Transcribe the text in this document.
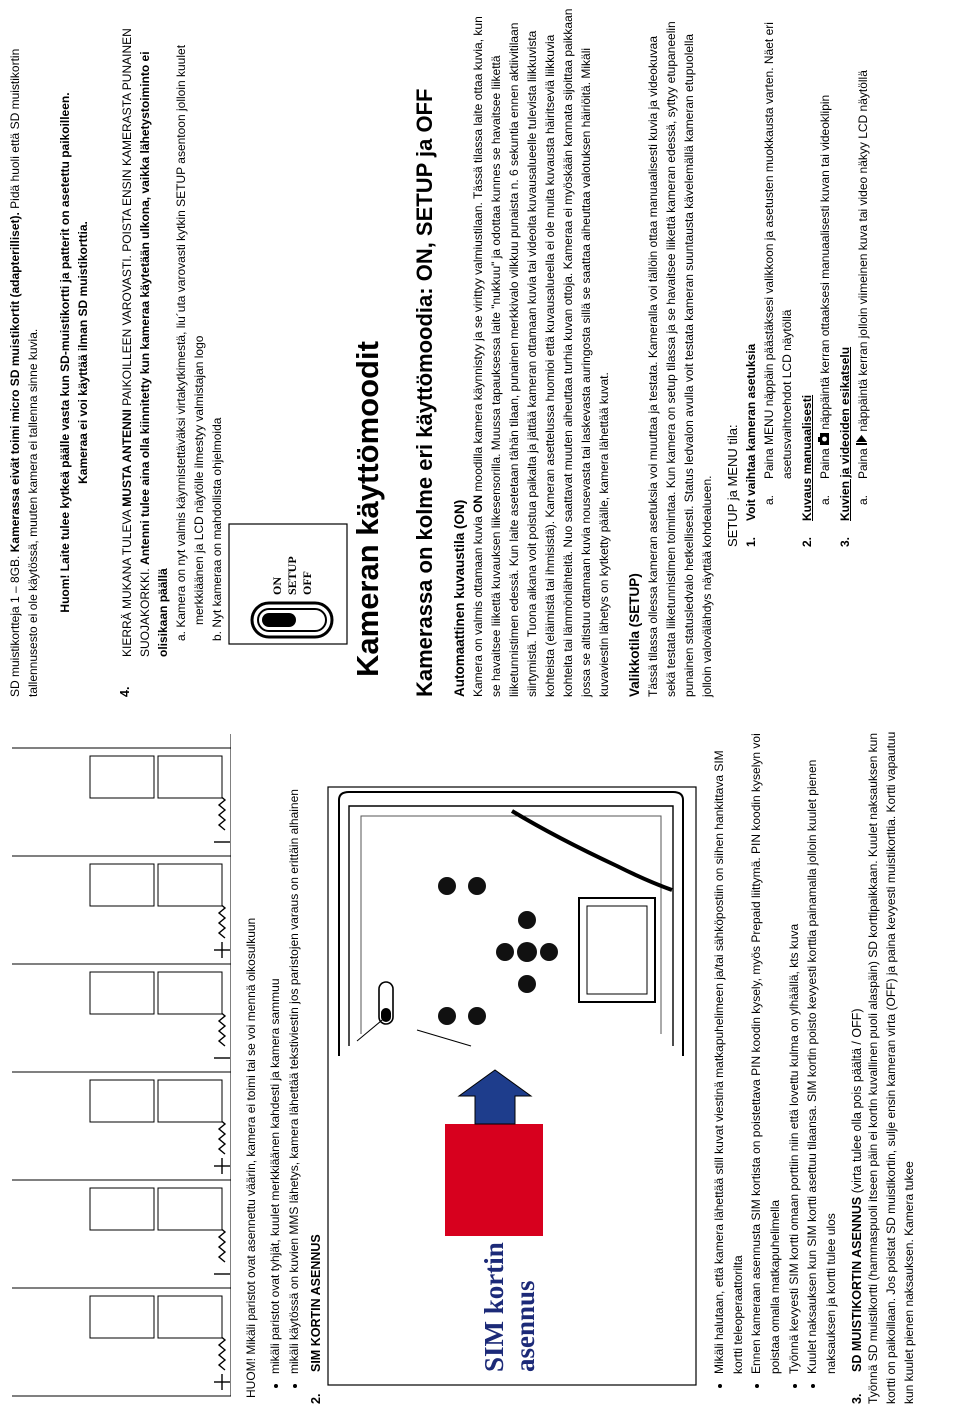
HUOM! Mikäli paristot ovat asennettu väärin, kamera ei toimi tai se voi mennä oikosulkuun • mikäli paristot ovat tyhjät, kuulet merkkiäänen kahdesti ja kamera sammuu • mikäli käytössä on kuvien MMS lähetys, kamera lähettää tekstiviestin jos paristojen varaus on erittäin alhainen
2.SIM KORTIN ASENNUS	SIM kortin asennus	• Mikäli halutaan, että kamera lähettää still kuvat viestinä matkapuhelimeen ja/tai sähköpostiin on siihen hankittava SIM kortti teleoperaattorilta • Ennen kameraan asennusta SIM kortista on poistettava PIN koodin kysely, myös Prepaid liittymä. PIN koodin kyselyn voi poistaa omalla matkapuhelimella • Työnnä kevyesti SIM kortti omaan porttiin niin että lovettu kulma on ylhäällä, kts kuva • Kuulet naksauksen kun SIM kortti asettuu tilaansa. SIM kortin poisto kevyesti korttia painamalla jolloin kuulet pienen naksauksen ja kortti tulee ulos
3.SD MUISTIKORTIN ASENNUS (virta tulee olla pois päältä / OFF) Työnnä SD muistikortti (hammaspuoli itseen päin ei kortin kuvallinen puoli alaspäin) SD korttipaikkaan. Kuulet naksauksen kun kortti on paikoillaan. Jos poistat SD muistikortin, sulje ensin kameran virta (OFF) ja paina kevyesti muistikorttia. Kortti vapautuu kun kuulet pienen naksauksen. Kamera tukee

SD muistikortteja 1 – 8GB. Kamerassa eivät toimi micro SD muistikortit (adapterilliset). Pidä huoli että SD muistikortin tallennusesto ei ole käytössä, muuten kamera ei tallenna sinne kuvia. Huom! Laite tulee kytkeä päälle vasta kun SD-muistikortti ja patterit on asetettu paikoilleen. Kameraa ei voi käyttää ilman SD muistikorttia.

4.

KIERRÄ MUKANA TULEVA MUSTA ANTENNI PAIKOILLEEN VAROVASTI. POISTA ENSIN KAMERASTA PUNAINEN SUOJAKORKKI. Antenni tulee aina olla kiinnitetty kun kameraa käytetään ulkona, vaikka lähetystoiminto ei olisikaan päällä a. Kamera on nyt valmis käynnistettäväksi virtakytkimestä, liu´uta varovasti kytkin SETUP asentoon jolloin kuulet merkkiäänen ja LCD näytölle ilmestyy valmistajan logo b. Nyt kameraa on mahdollista ohjelmoida	ON SETUP OFF Kameran käyttömoodit Kamerassa on kolme eri käyttömoodia: ON, SETUP ja OFF Automaattinen kuvaustila (ON) Kamera on valmis ottamaan kuvia ON moodilla kamera käynnistyy ja se virittyy valmiustilaan. Tässä tilassa laite ottaa kuvia, kun se havaitsee liikettä kuvauksen liikesensorilla. Muussa tapauksessa laite "nukkuu" ja odottaa kunnes se havaitsee liikettä liiketunnistimen edessä. Kun laite asetetaan tähän tilaan, punainen merkkivalo vilkkuu punaista n. 6 sekuntia ennen aktiivitilaan siirtymistä. Tuona aikana voit poistua paikalta ja jättää kameran ottamaan kuvia tai videoita kuvausalueelle tulevista liikkuvista kohteista (eläimistä tai ihmisistä). Kameran asettelussa huomioi että kuvausalueella ei ole muita kuvausta häiritseviä liikkuvia kohteita tai lämmönlähteitä. Nuo saattavat muuten aiheuttaa turhia kuvan ottoja. Kameraa ei myöskään kannata sijoittaa paikkaan jossa se altistuu ottamaan kuvia nousevasta tai laskevasta auringosta sillä se saattaa aiheuttaa valotuksen häiriöitä. Mikäli kuvaviestin lähetys on kytketty päälle, kamera lähettää kuvat. Valikkotila (SETUP) Tässä tilassa ollessa kameran asetuksia voi muuttaa ja testata. Kameralla voi tällöin ottaa manuaalisesti kuvia ja videokuvaa sekä testata liiketunnistimen toimintaa. Kun kamera on setup tilassa ja se havaitsee liikettä kameran edessä, syttyy etupaneelin punainen statusledvalo hetkellisesti. Status ledvalon avulla voit testata kameran suuntausta kävelemällä kameran etupuolella jolloin valovälähdys näyttää kohdealueen. SETUP ja MENU tila: 1.

Voit vaihtaa kameran asetuksia a.

Paina MENU näppäin päästäksesi valikkoon ja asetusten muokkausta varten. Näet eri asetusvaihtoehdot LCD näytöllä

2.

Kuvaus manuaalisesti a.

Paina  näppäintä kerran ottaaksesi manuaalisesti kuvan tai videoklipin

3.

Kuvien ja videoiden esikatselu a.

Paina  näppäintä kerran jolloin viimeinen kuva tai video näkyy LCD näytöllä
